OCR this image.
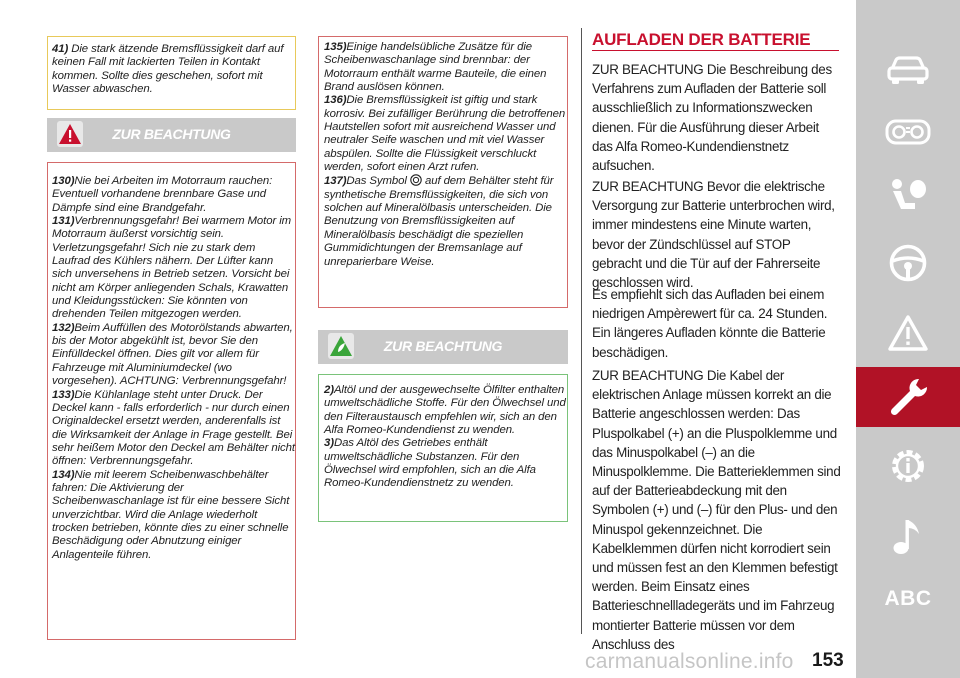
41) Die stark ätzende Bremsflüssigkeit darf auf keinen Fall mit lackierten Teilen in Kontakt kommen. Sollte dies geschehen, sofort mit Wasser abwaschen.
ZUR BEACHTUNG
130)Nie bei Arbeiten im Motorraum rauchen: Eventuell vorhandene brennbare Gase und Dämpfe sind eine Brandgefahr.
131)Verbrennungsgefahr! Bei warmem Motor im Motorraum äußerst vorsichtig sein. Verletzungsgefahr! Sich nie zu stark dem Laufrad des Kühlers nähern. Der Lüfter kann sich unversehens in Betrieb setzen. Vorsicht bei nicht am Körper anliegenden Schals, Krawatten und Kleidungsstücken: Sie könnten von drehenden Teilen mitgezogen werden.
132)Beim Auffüllen des Motorölstands abwarten, bis der Motor abgekühlt ist, bevor Sie den Einfülldeckel öffnen. Dies gilt vor allem für Fahrzeuge mit Aluminiumdeckel (wo vorgesehen). ACHTUNG: Verbrennungsgefahr!
133)Die Kühlanlage steht unter Druck. Der Deckel kann - falls erforderlich - nur durch einen Originaldeckel ersetzt werden, anderenfalls ist die Wirksamkeit der Anlage in Frage gestellt. Bei sehr heißem Motor den Deckel am Behälter nicht öffnen: Verbrennungsgefahr.
134)Nie mit leerem Scheibenwaschbehälter fahren: Die Aktivierung der Scheibenwaschanlage ist für eine bessere Sicht unverzichtbar. Wird die Anlage wiederholt trocken betrieben, könnte dies zu einer schnelle Beschädigung oder Abnutzung einiger Anlagenteile führen.
135)Einige handelsübliche Zusätze für die Scheibenwaschanlage sind brennbar: der Motorraum enthält warme Bauteile, die einen Brand auslösen können.
136)Die Bremsflüssigkeit ist giftig und stark korrosiv. Bei zufälliger Berührung die betroffenen Hautstellen sofort mit ausreichend Wasser und neutraler Seife waschen und mit viel Wasser abspülen. Sollte die Flüssigkeit verschluckt werden, sofort einen Arzt rufen.
137)Das Symbol auf dem Behälter steht für synthetische Bremsflüssigkeiten, die sich von solchen auf Mineralölbasis unterscheiden. Die Benutzung von Bremsflüssigkeiten auf Mineralölbasis beschädigt die speziellen Gummidichtungen der Bremsanlage auf unreparierbare Weise.
ZUR BEACHTUNG
2)Altöl und der ausgewechselte Ölfilter enthalten umweltschädliche Stoffe. Für den Ölwechsel und den Filteraustausch empfehlen wir, sich an den Alfa Romeo-Kundendienst zu wenden.
3)Das Altöl des Getriebes enthält umweltschädliche Substanzen. Für den Ölwechsel wird empfohlen, sich an die Alfa Romeo-Kundendienstnetz zu wenden.
AUFLADEN DER BATTERIE
ZUR BEACHTUNG Die Beschreibung des Verfahrens zum Aufladen der Batterie soll ausschließlich zu Informationszwecken dienen. Für die Ausführung dieser Arbeit das Alfa Romeo-Kundendienstnetz aufsuchen.
ZUR BEACHTUNG Bevor die elektrische Versorgung zur Batterie unterbrochen wird, immer mindestens eine Minute warten, bevor der Zündschlüssel auf STOP gebracht und die Tür auf der Fahrerseite geschlossen wird.
Es empfiehlt sich das Aufladen bei einem niedrigen Ampèrewert für ca. 24 Stunden. Ein längeres Aufladen könnte die Batterie beschädigen.
ZUR BEACHTUNG Die Kabel der elektrischen Anlage müssen korrekt an die Batterie angeschlossen werden: Das Pluspolkabel (+) an die Pluspolklemme und das Minuspolkabel (–) an die Minuspolklemme. Die Batterieklemmen sind auf der Batterieabdeckung mit den Symbolen (+) und (–) für den Plus- und den Minuspol gekennzeichnet. Die Kabelklemmen dürfen nicht korrodiert sein und müssen fest an den Klemmen befestigt werden. Beim Einsatz eines Batterieschnellladegeräts und im Fahrzeug montierter Batterie müssen vor dem Anschluss des
ABC
carmanualsonline.info 153
